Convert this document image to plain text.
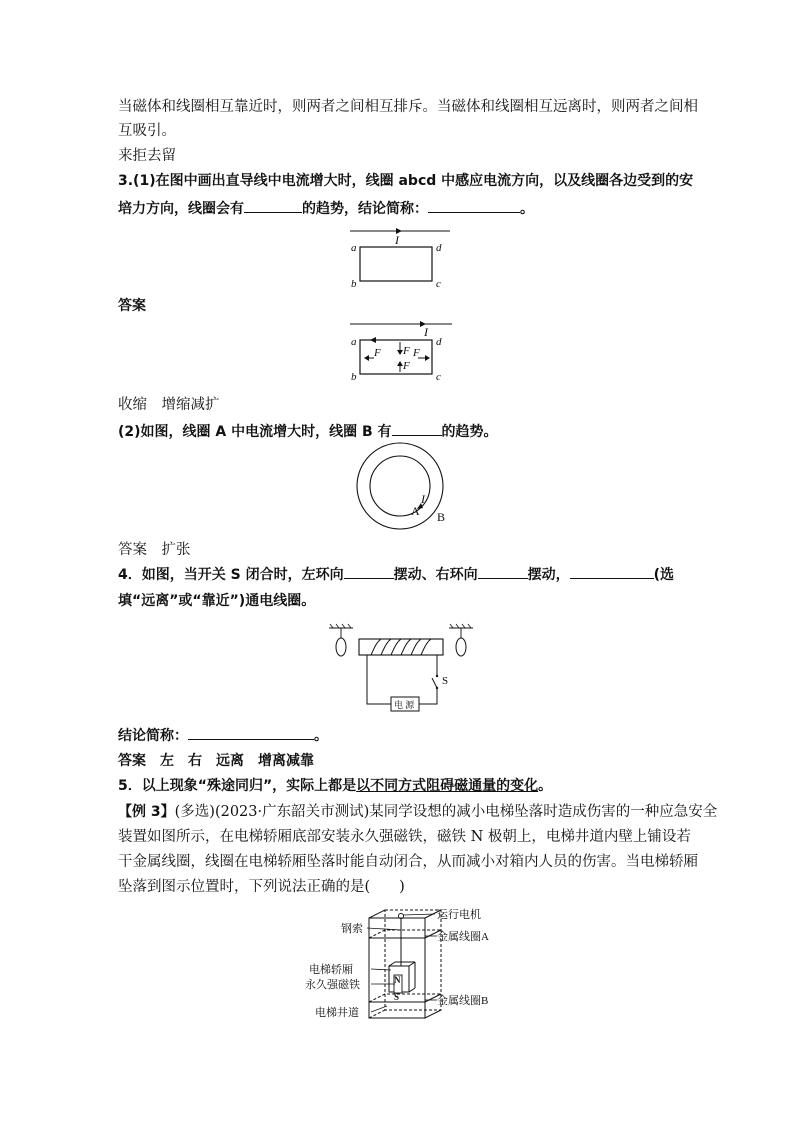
当磁体和线圈相互靠近时，则两者之间相互排斥。当磁体和线圈相互远离时，则两者之间相
互吸引。
来拒去留
3.(1)在图中画出直导线中电流增大时，线圈 abcd 中感应电流方向，以及线圈各边受到的安
培力方向，线圈会有	的趋势，结论简称：	。
I
a	d
b	c
答案
I
a	d
b	c
F F
F
F
收缩　增缩减扩
(2)如图，线圈 A 中电流增大时，线圈 B 有	的趋势。
I
A B
答案　扩张
4．如图，当开关 S 闭合时，左环向	摆动、右环向	摆动，	(选
填“远离”或“靠近”)通电线圈。
电 源
S
结论简称：	。
答案　左　右　远离　增离减靠
5．以上现象“殊途同归”，实际上都是以不同方式阻碍磁通量的变化。
【例 3】(多选)(2023·广东韶关市测试)某同学设想的减小电梯坠落时造成伤害的一种应急安全
装置如图所示，在电梯轿厢底部安装永久强磁铁，磁铁 N 极朝上，电梯井道内壁上铺设若
干金属线圈，线圈在电梯轿厢坠落时能自动闭合，从而减小对箱内人员的伤害。当电梯轿厢
坠落到图示位置时，下列说法正确的是(　　)
N
S
运行电机
金属线圈A
钢索
电梯轿厢
永久强磁铁
金属线圈B
电梯井道
